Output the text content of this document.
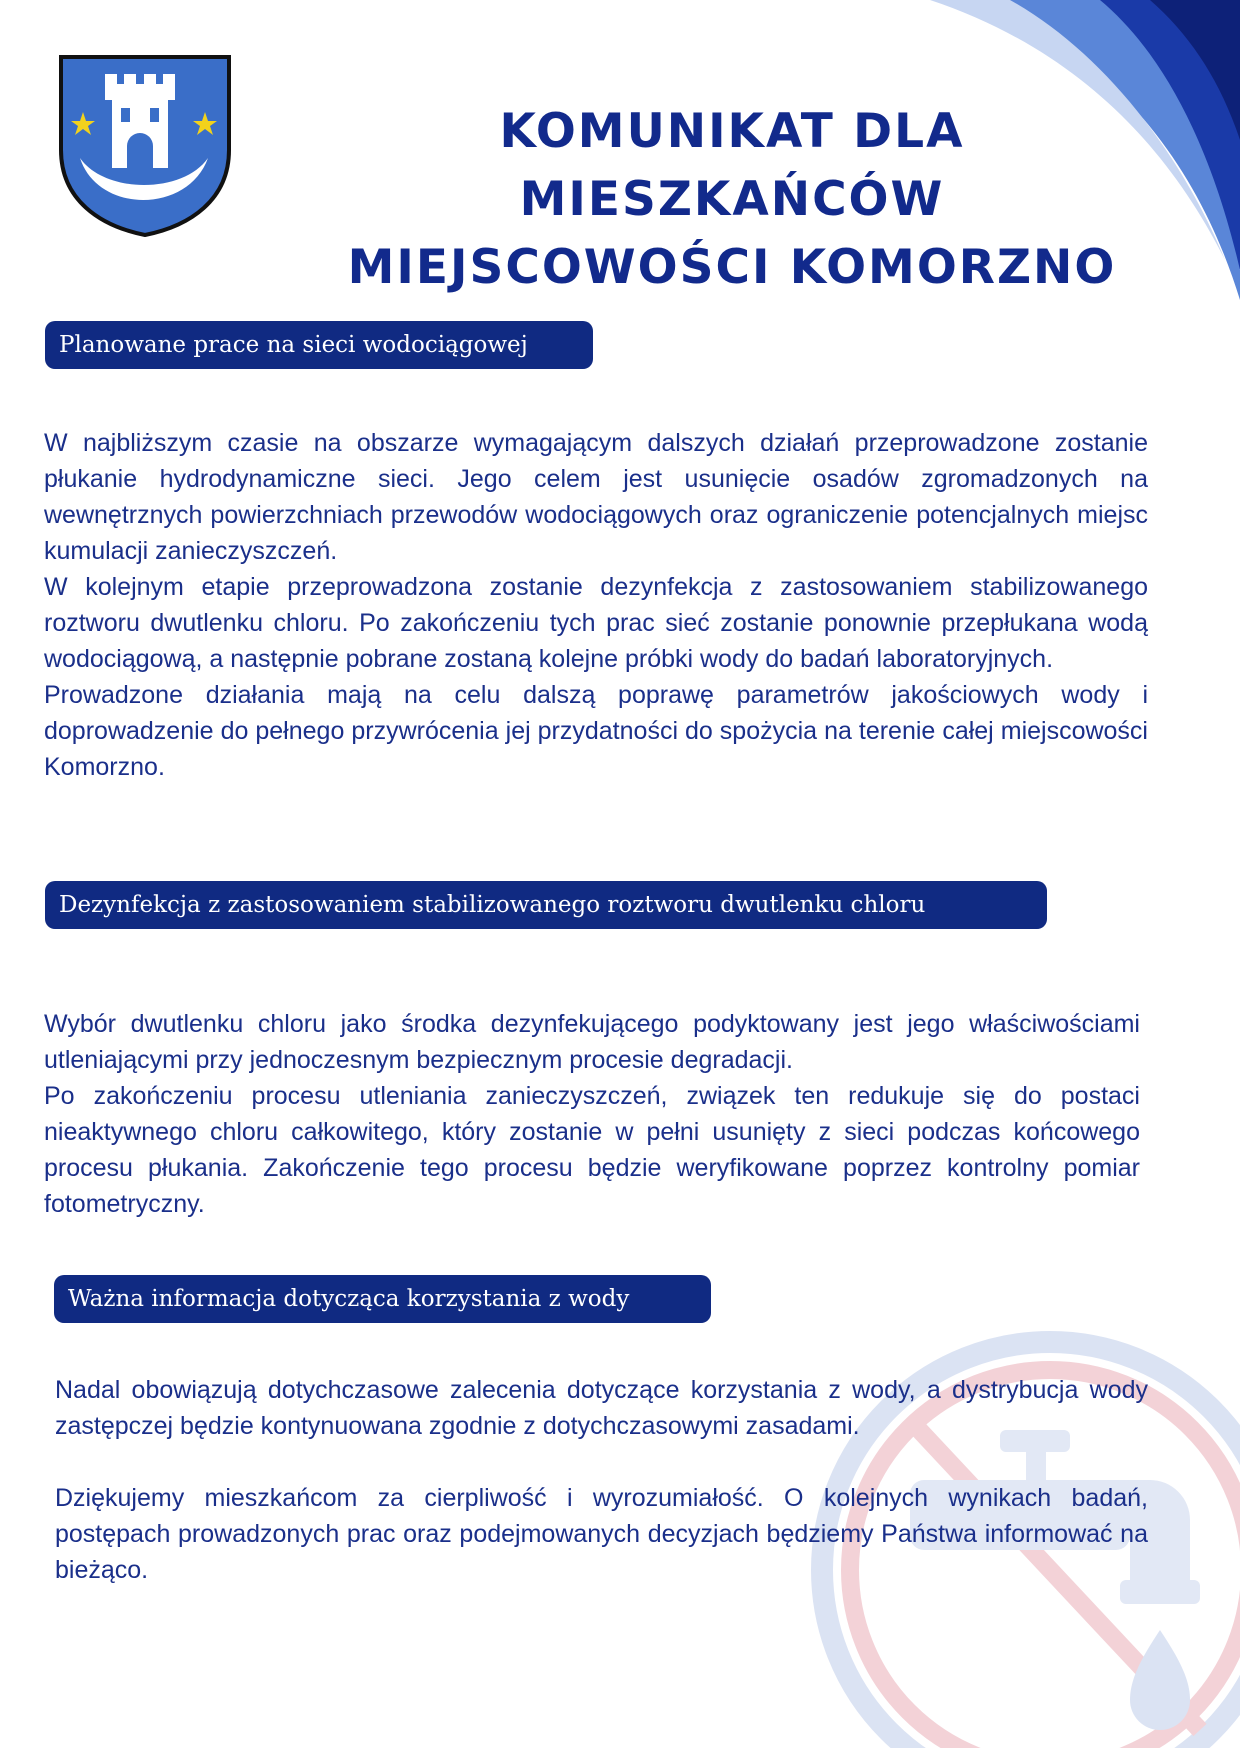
KOMUNIKAT DLA MIESZKAŃCÓW
MIEJSCOWOŚCI KOMORZNO
Planowane prace na sieci wodociągowej

W najbliższym czasie na obszarze wymagającym dalszych działań przeprowadzone zostanie płukanie hydrodynamiczne sieci. Jego celem jest usunięcie osadów zgromadzonych na wewnętrznych powierzchniach przewodów wodociągowych oraz ograniczenie potencjalnych miejsc kumulacji zanieczyszczeń.

W kolejnym etapie przeprowadzona zostanie dezynfekcja z zastosowaniem stabilizowanego roztworu dwutlenku chloru. Po zakończeniu tych prac sieć zostanie ponownie przepłukana wodą wodociągową, a następnie pobrane zostaną kolejne próbki wody do badań laboratoryjnych.

Prowadzone działania mają na celu dalszą poprawę parametrów jakościowych wody i doprowadzenie do pełnego przywrócenia jej przydatności do spożycia na terenie całej miejscowości Komorzno.

Dezynfekcja z zastosowaniem stabilizowanego roztworu dwutlenku chloru

Wybór dwutlenku chloru jako środka dezynfekującego podyktowany jest jego właściwościami utleniającymi przy jednoczesnym bezpiecznym procesie degradacji.

Po zakończeniu procesu utleniania zanieczyszczeń, związek ten redukuje się do postaci nieaktywnego chloru całkowitego, który zostanie w pełni usunięty z sieci podczas końcowego procesu płukania. Zakończenie tego procesu będzie weryfikowane poprzez kontrolny pomiar fotometryczny.

Ważna informacja dotycząca korzystania z wody

Nadal obowiązują dotychczasowe zalecenia dotyczące korzystania z wody, a dystrybucja wody zastępczej będzie kontynuowana zgodnie z dotychczasowymi zasadami.

Dziękujemy mieszkańcom za cierpliwość i wyrozumiałość. O kolejnych wynikach badań, postępach prowadzonych prac oraz podejmowanych decyzjach będziemy Państwa informować na bieżąco.
